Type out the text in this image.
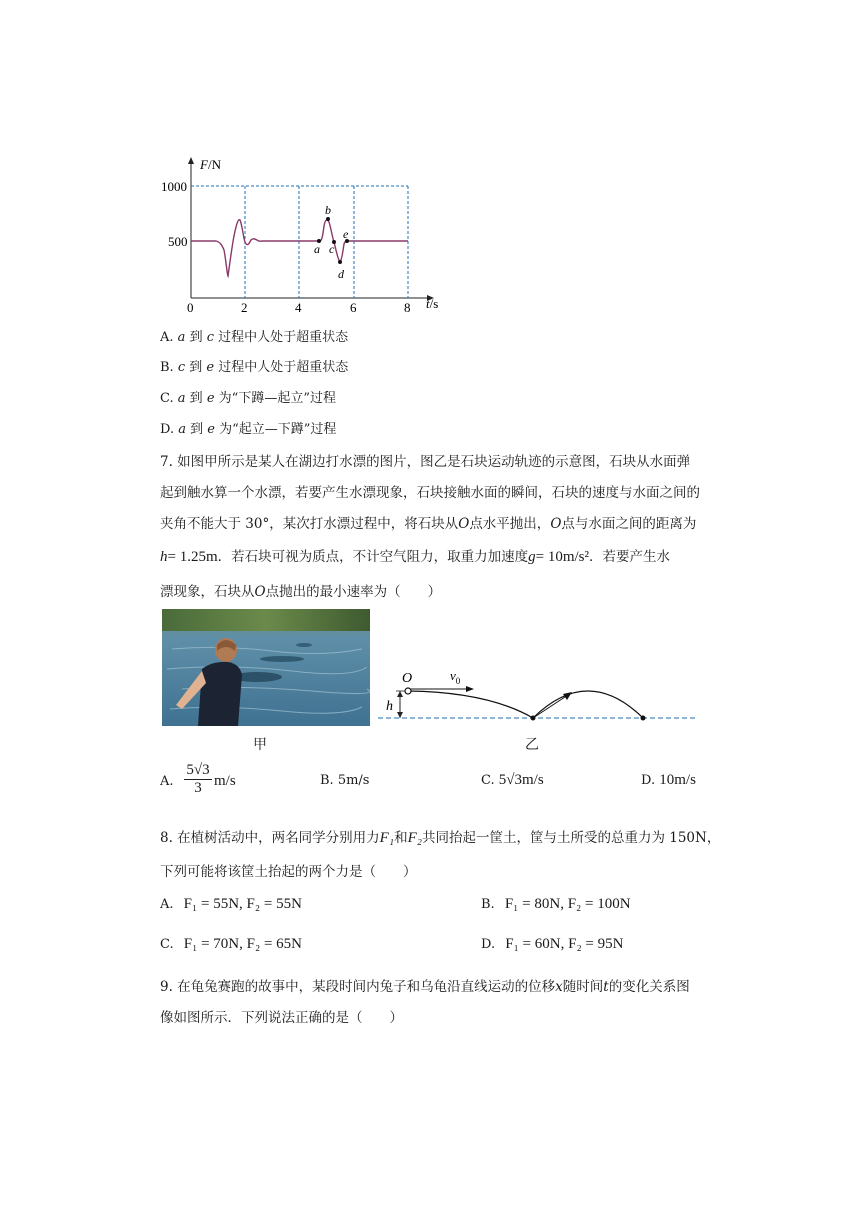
F/N
1000
500
0	2	4	6	8 t/s
a
b
c
d
e
A. a 到 c 过程中人处于超重状态
B. c 到 e 过程中人处于超重状态
C. a 到 e 为“下蹲—起立”过程
D. a 到 e 为“起立—下蹲”过程
7. 如图甲所示是某人在湖边打水漂的图片，图乙是石块运动轨迹的示意图，石块从水面弹
起到触水算一个水漂，若要产生水漂现象，石块接触水面的瞬间，石块的速度与水面之间的
夹角不能大于 30°，某次打水漂过程中，将石块从O点水平抛出，O点与水面之间的距离为
h= 1.25m．若石块可视为质点，不计空气阻力，取重力加速度g= 10m/s²．若要产生水
漂现象，石块从O点抛出的最小速率为（　　）
甲
O	$v_0$
h
乙
A. $\frac{5√3}{3} m/s$	B. 5m/s	C. 5√3m/s	D. 10m/s
8. 在植树活动中，两名同学分别用力F₁和F₂共同抬起一筐土，筐与土所受的总重力为 150N，
下列可能将该筐土抬起的两个力是（　　）
A. F₁ = 55N, F₂ = 55N	B. F₁ = 80N, F₂ = 100N
C. F₁ = 70N, F₂ = 65N	D. F₁ = 60N, F₂ = 95N
9. 在龟兔赛跑的故事中，某段时间内兔子和乌龟沿直线运动的位移x随时间t的变化关系图
像如图所示．下列说法正确的是（　　）
